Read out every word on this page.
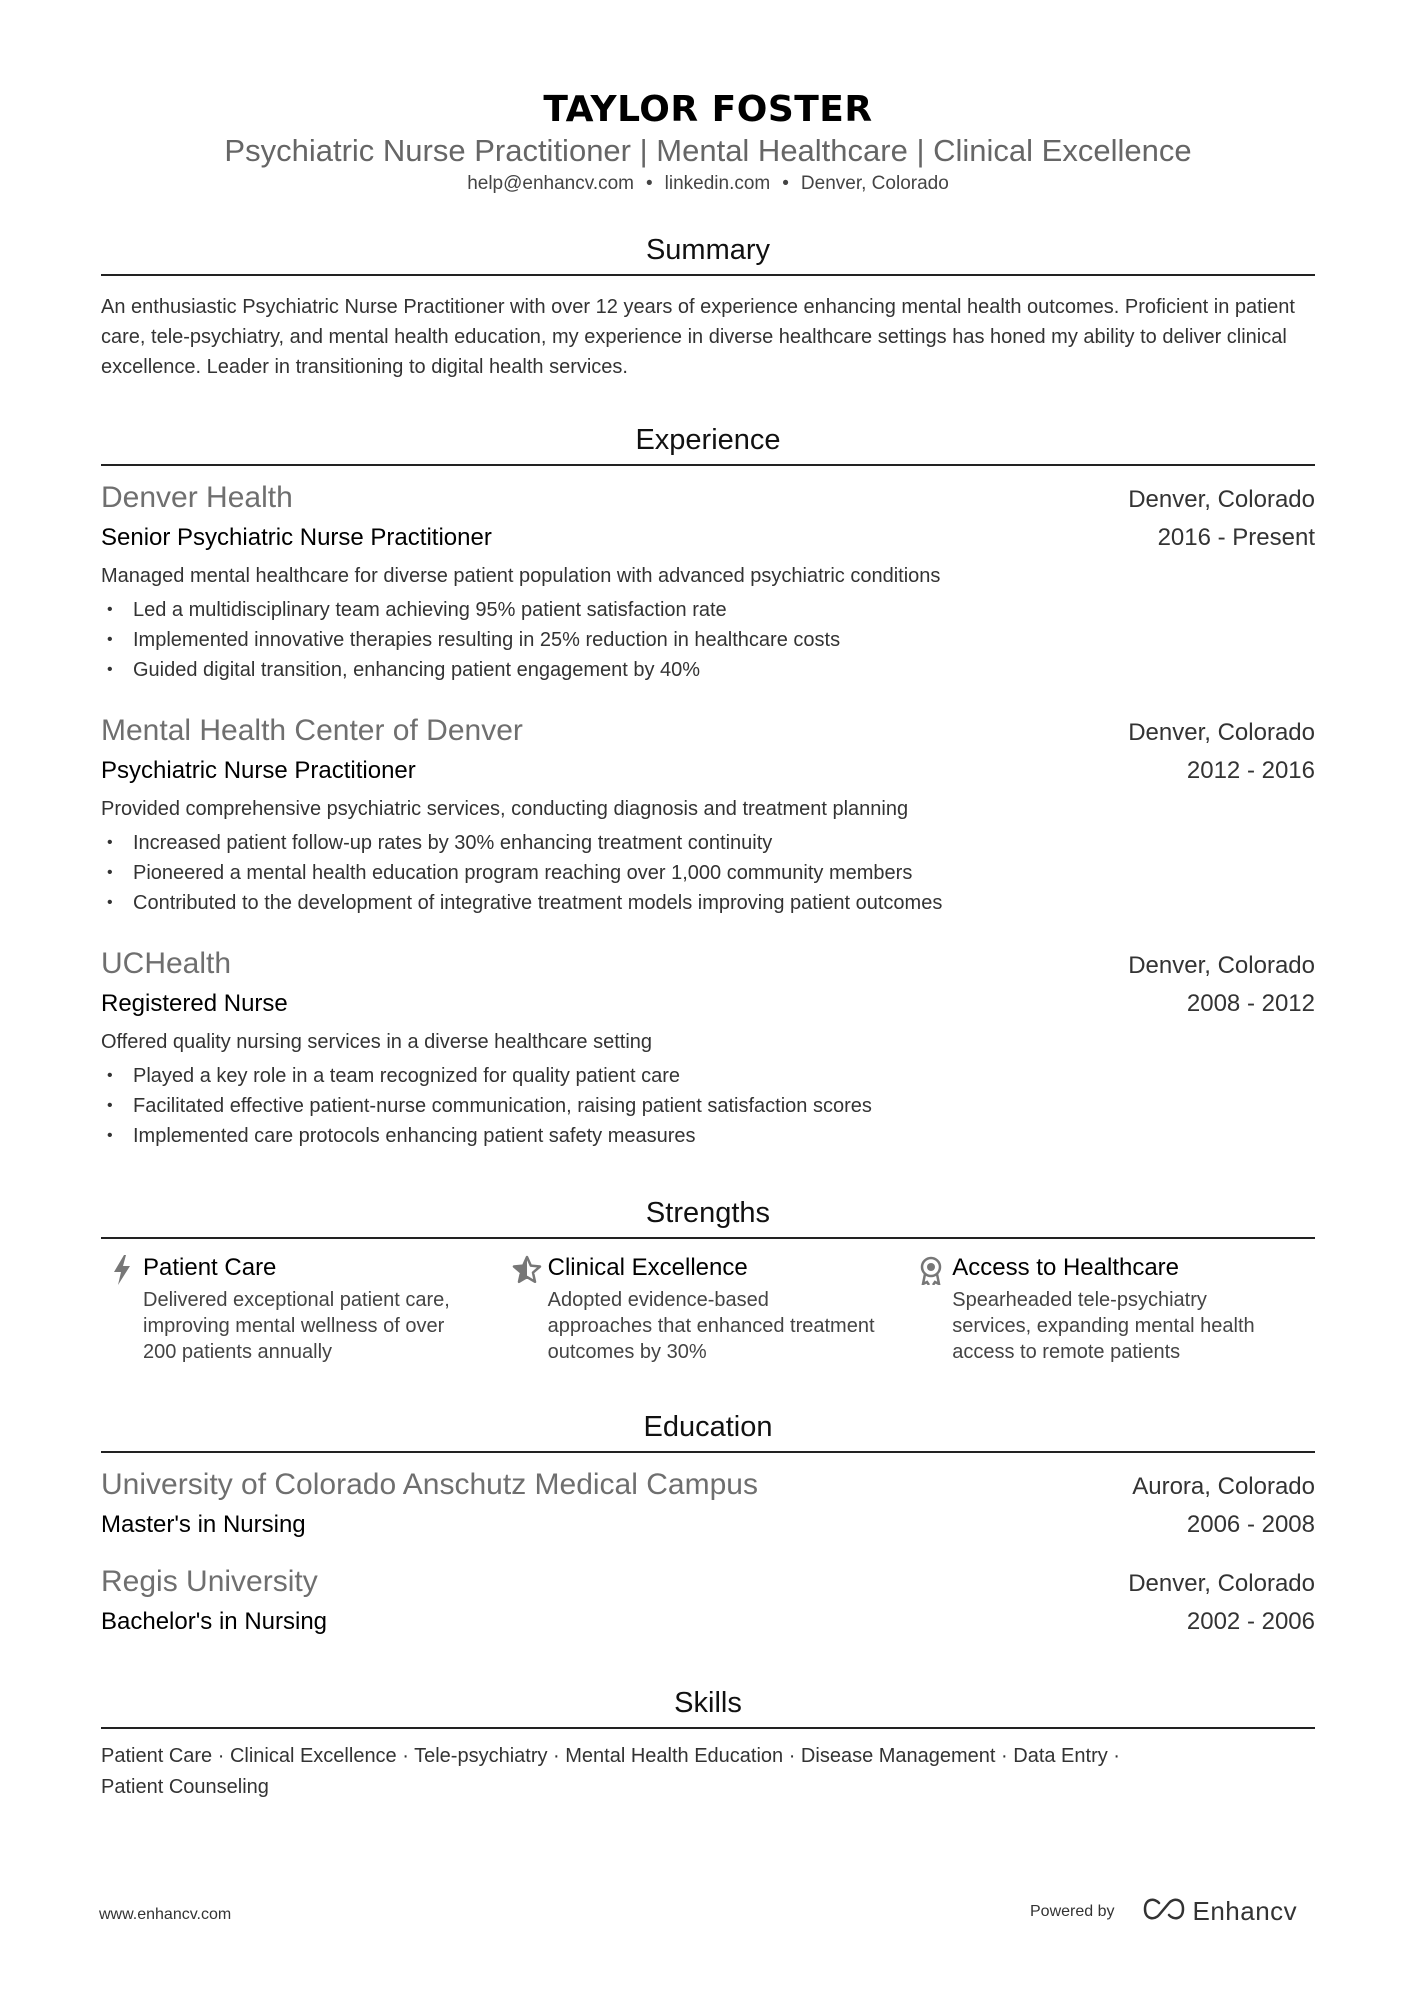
TAYLOR FOSTER
Psychiatric Nurse Practitioner | Mental Healthcare | Clinical Excellence
help@enhancv.com • linkedin.com • Denver, Colorado
Summary
An enthusiastic Psychiatric Nurse Practitioner with over 12 years of experience enhancing mental health outcomes. Proficient in patient care, tele-psychiatry, and mental health education, my experience in diverse healthcare settings has honed my ability to deliver clinical excellence. Leader in transitioning to digital health services.
Experience
Denver Health	Denver, Colorado
Senior Psychiatric Nurse Practitioner	2016 - Present
Managed mental healthcare for diverse patient population with advanced psychiatric conditions
• Led a multidisciplinary team achieving 95% patient satisfaction rate
• Implemented innovative therapies resulting in 25% reduction in healthcare costs
• Guided digital transition, enhancing patient engagement by 40%
Mental Health Center of Denver	Denver, Colorado
Psychiatric Nurse Practitioner	2012 - 2016
Provided comprehensive psychiatric services, conducting diagnosis and treatment planning
• Increased patient follow-up rates by 30% enhancing treatment continuity
• Pioneered a mental health education program reaching over 1,000 community members
• Contributed to the development of integrative treatment models improving patient outcomes
UCHealth	Denver, Colorado
Registered Nurse	2008 - 2012
Offered quality nursing services in a diverse healthcare setting
• Played a key role in a team recognized for quality patient care
• Facilitated effective patient-nurse communication, raising patient satisfaction scores
• Implemented care protocols enhancing patient safety measures
Strengths
Patient Care
Delivered exceptional patient care, improving mental wellness of over 200 patients annually
Clinical Excellence
Adopted evidence-based approaches that enhanced treatment outcomes by 30%
Access to Healthcare
Spearheaded tele-psychiatry services, expanding mental health access to remote patients
Education
University of Colorado Anschutz Medical Campus	Aurora, Colorado
Master's in Nursing	2006 - 2008
Regis University	Denver, Colorado
Bachelor's in Nursing	2002 - 2006
Skills
Patient Care · Clinical Excellence · Tele-psychiatry · Mental Health Education · Disease Management · Data Entry ·
Patient Counseling
www.enhancv.com	Powered by	Enhancv
